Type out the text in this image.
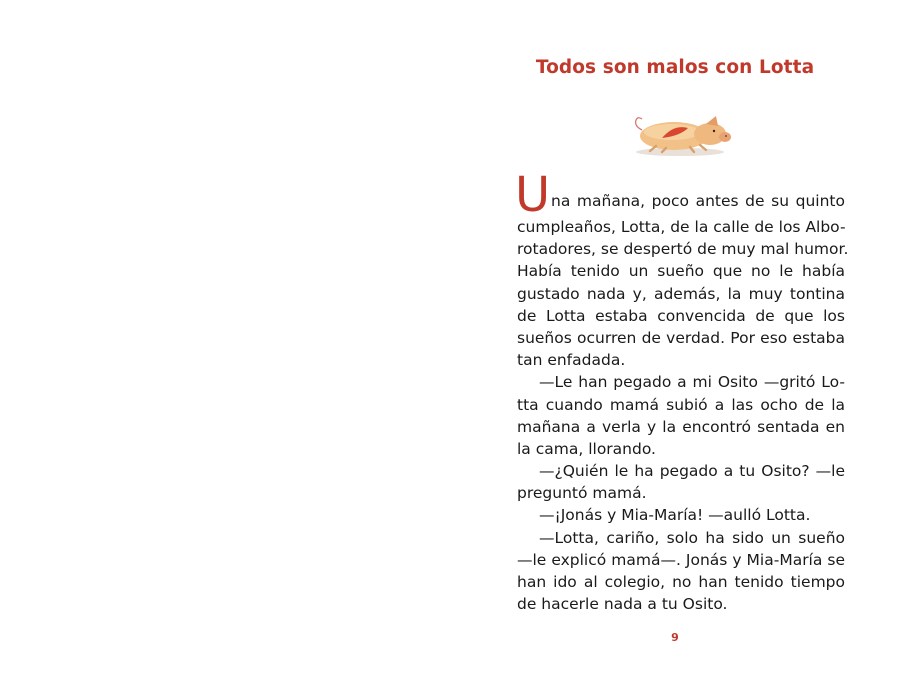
Todos son malos con Lotta
U na mañana, poco antes de su quinto
cumpleaños, Lotta, de la calle de los Albo-
rotadores, se despertó de muy mal humor.
Había tenido un sueño que no le había
gustado nada y, además, la muy tontina
de Lotta estaba convencida de que los
sueños ocurren de verdad. Por eso estaba
tan enfadada.
—Le han pegado a mi Osito —gritó Lo-
tta cuando mamá subió a las ocho de la
mañana a verla y la encontró sentada en
la cama, llorando.
—¿Quién le ha pegado a tu Osito? —le
preguntó mamá.
—¡Jonás y Mia-María! —aulló Lotta.
—Lotta, cariño, solo ha sido un sueño
—le explicó mamá—. Jonás y Mia-María se
han ido al colegio, no han tenido tiempo
de hacerle nada a tu Osito.
9
